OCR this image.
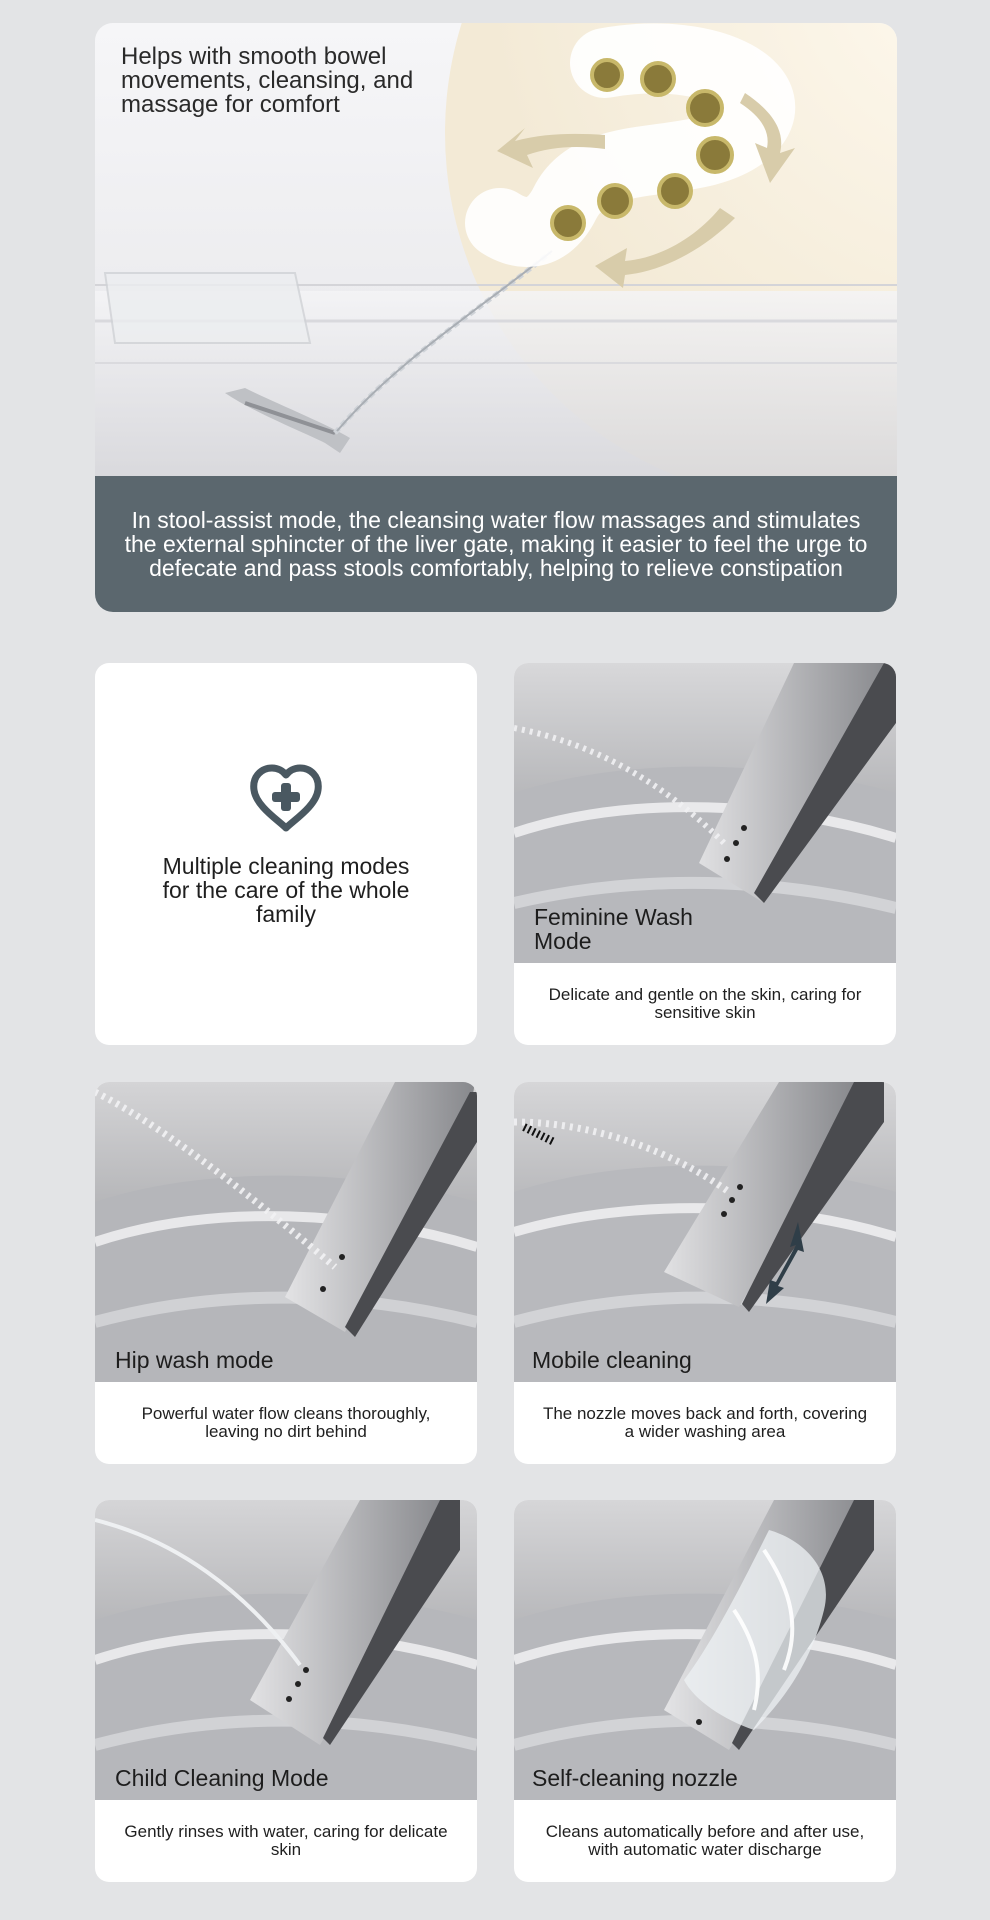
Helps with smooth bowel movements, cleansing, and massage for comfort

In stool-assist mode, the cleansing water flow massages and stimulates the external sphincter of the liver gate, making it easier to feel the urge to defecate and pass stools comfortably, helping to relieve constipation
Multiple cleaning modes for the care of the whole family	Feminine Wash Mode
Delicate and gentle on the skin, caring for sensitive skin
Hip wash mode
Powerful water flow cleans thoroughly, leaving no dirt behind
Mobile cleaning
The nozzle moves back and forth, covering a wider washing area
Child Cleaning Mode
Gently rinses with water, caring for delicate skin
Self-cleaning nozzle
Cleans automatically before and after use, with automatic water discharge
